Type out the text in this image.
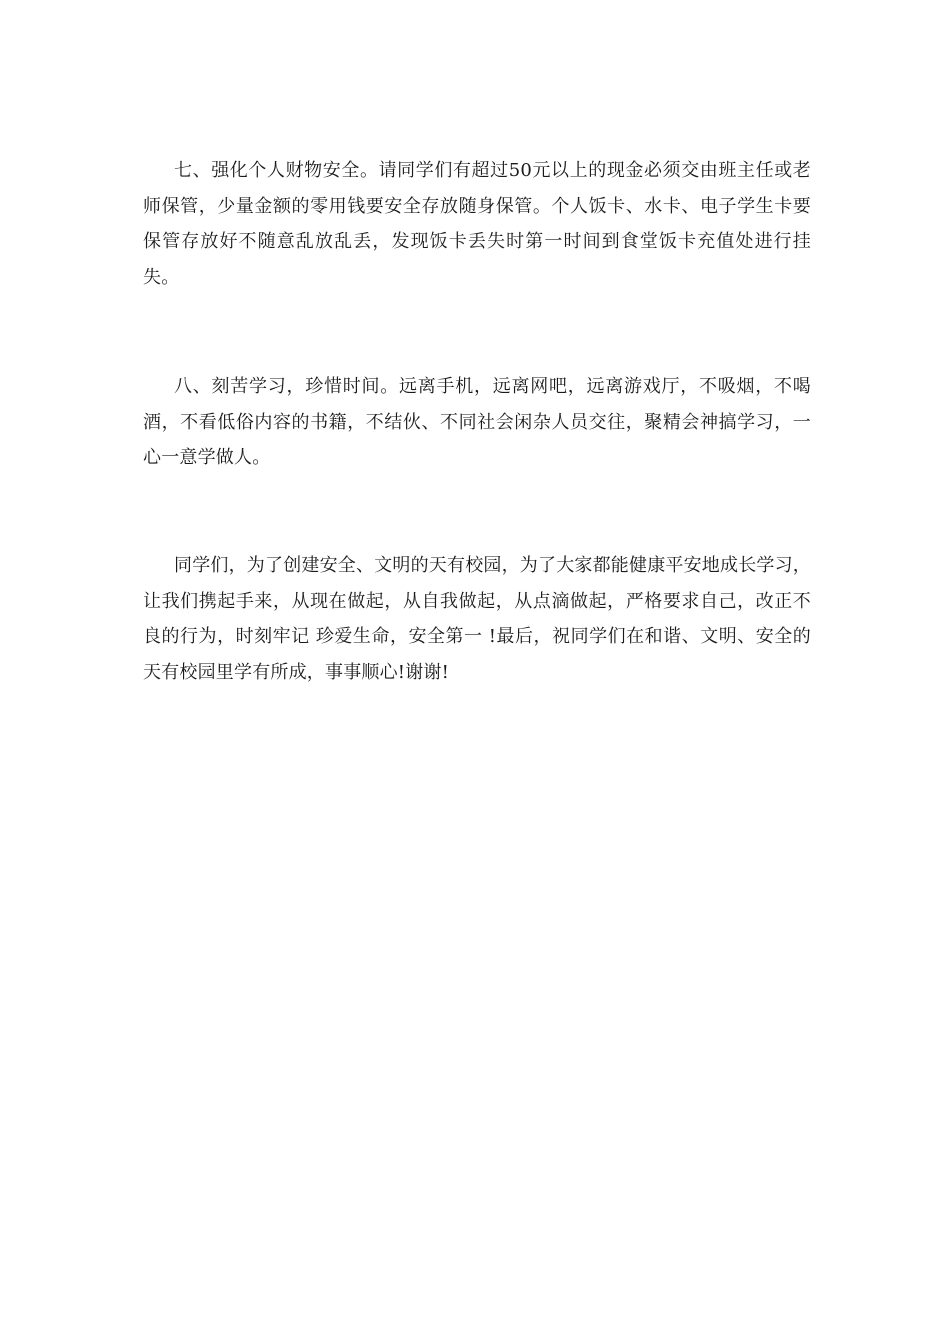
七、强化个人财物安全。请同学们有超过50元以上的现金必须交由班主任或老师保管，少量金额的零用钱要安全存放随身保管。个人饭卡、水卡、电子学生卡要保管存放好不随意乱放乱丢，发现饭卡丢失时第一时间到食堂饭卡充值处进行挂失。

八、刻苦学习，珍惜时间。远离手机，远离网吧，远离游戏厅，不吸烟，不喝酒，不看低俗内容的书籍，不结伙、不同社会闲杂人员交往，聚精会神搞学习，一心一意学做人。

同学们，为了创建安全、文明的天有校园，为了大家都能健康平安地成长学习，让我们携起手来，从现在做起，从自我做起，从点滴做起，严格要求自己，改正不良的行为，时刻牢记 珍爱生命，安全第一 !最后，祝同学们在和谐、文明、安全的天有校园里学有所成，事事顺心!谢谢!
